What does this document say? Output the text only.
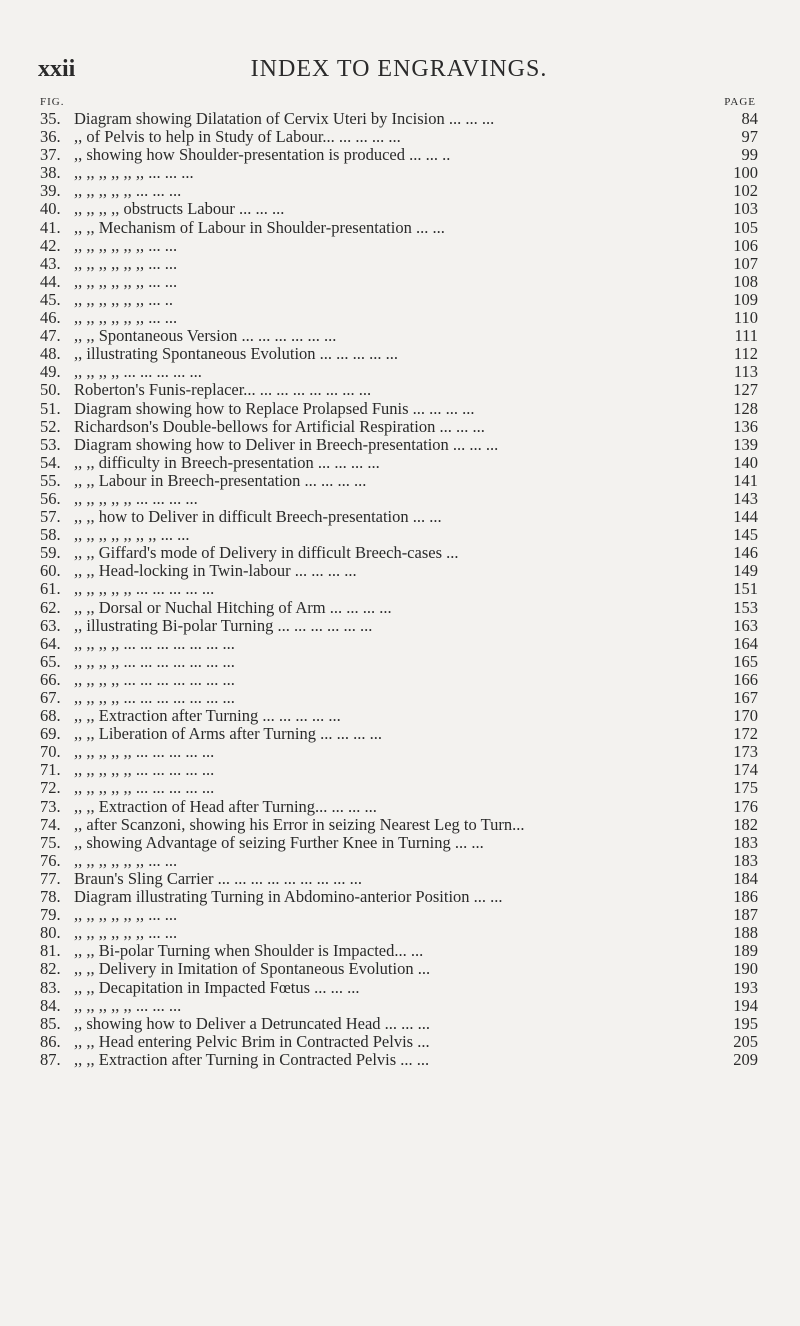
xxii	INDEX TO ENGRAVINGS.
FIG.	PAGE
35. Diagram showing Dilatation of Cervix Uteri by Incision ... ... ...	84
36. ,, of Pelvis to help in Study of Labour... ... ... ... ...	97
37. ,, showing how Shoulder-presentation is produced ... ... ..	99
38. ,, ,, ,, ,, ,, ,, ... ... ...	100
39. ,, ,, ,, ,, ,, ... ... ...	102
40. ,, ,, ,, ,, obstructs Labour ... ... ...	103
41. ,, ,, Mechanism of Labour in Shoulder-presentation ... ...	105
42. ,, ,, ,, ,, ,, ,, ... ...	106
43. ,, ,, ,, ,, ,, ,, ... ...	107
44. ,, ,, ,, ,, ,, ,, ... ...	108
45. ,, ,, ,, ,, ,, ,, ... ..	109
46. ,, ,, ,, ,, ,, ,, ... ...	110
47. ,, ,, Spontaneous Version ... ... ... ... ... ...	111
48. ,, illustrating Spontaneous Evolution ... ... ... ... ...	112
49. ,, ,, ,, ,, ... ... ... ... ...	113
50. Roberton's Funis-replacer... ... ... ... ... ... ... ...	127
51. Diagram showing how to Replace Prolapsed Funis ... ... ... ...	128
52. Richardson's Double-bellows for Artificial Respiration ... ... ...	136
53. Diagram showing how to Deliver in Breech-presentation ... ... ...	139
54. ,, ,, difficulty in Breech-presentation ... ... ... ...	140
55. ,, ,, Labour in Breech-presentation ... ... ... ...	141
56. ,, ,, ,, ,, ,, ... ... ... ...	143
57. ,, ,, how to Deliver in difficult Breech-presentation ... ...	144
58. ,, ,, ,, ,, ,, ,, ,, ... ...	145
59. ,, ,, Giffard's mode of Delivery in difficult Breech-cases ...	146
60. ,, ,, Head-locking in Twin-labour ... ... ... ...	149
61. ,, ,, ,, ,, ,, ... ... ... ... ...	151
62. ,, ,, Dorsal or Nuchal Hitching of Arm ... ... ... ...	153
63. ,, illustrating Bi-polar Turning ... ... ... ... ... ...	163
64. ,, ,, ,, ,, ... ... ... ... ... ... ...	164
65. ,, ,, ,, ,, ... ... ... ... ... ... ...	165
66. ,, ,, ,, ,, ... ... ... ... ... ... ...	166
67. ,, ,, ,, ,, ... ... ... ... ... ... ...	167
68. ,, ,, Extraction after Turning ... ... ... ... ...	170
69. ,, ,, Liberation of Arms after Turning ... ... ... ...	172
70. ,, ,, ,, ,, ,, ... ... ... ... ...	173
71. ,, ,, ,, ,, ,, ... ... ... ... ...	174
72. ,, ,, ,, ,, ,, ... ... ... ... ...	175
73. ,, ,, Extraction of Head after Turning... ... ... ...	176
74. ,, after Scanzoni, showing his Error in seizing Nearest Leg to Turn...	182
75. ,, showing Advantage of seizing Further Knee in Turning ... ...	183
76. ,, ,, ,, ,, ,, ,, ... ...	183
77. Braun's Sling Carrier ... ... ... ... ... ... ... ... ...	184
78. Diagram illustrating Turning in Abdomino-anterior Position ... ...	186
79. ,, ,, ,, ,, ,, ,, ... ...	187
80. ,, ,, ,, ,, ,, ,, ... ...	188
81. ,, ,, Bi-polar Turning when Shoulder is Impacted... ...	189
82. ,, ,, Delivery in Imitation of Spontaneous Evolution ...	190
83. ,, ,, Decapitation in Impacted Fœtus ... ... ...	193
84. ,, ,, ,, ,, ,, ... ... ...	194
85. ,, showing how to Deliver a Detruncated Head ... ... ...	195
86. ,, ,, Head entering Pelvic Brim in Contracted Pelvis ...	205
87. ,, ,, Extraction after Turning in Contracted Pelvis ... ...	209
